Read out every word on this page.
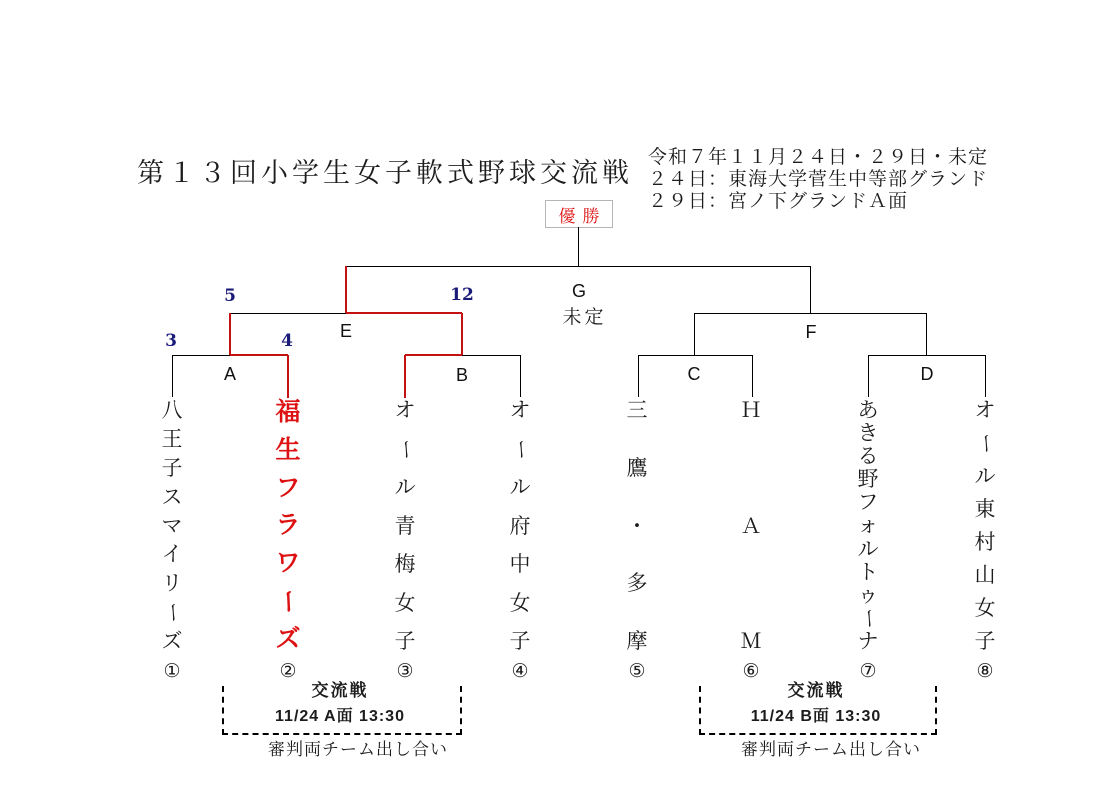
第１３回小学生女子軟式野球交流戦
令和７年１１月２４日・２９日・未定
２４日：東海大学菅生中等部グランド
２９日：宮ノ下グランドＡ面
優勝
G
未定
E	F
A	B	C	D
5	12
3	4
八
王
子
ス
マ
イ
リ
ー
ズ
①
福
生
フ
ラ
ワ
ー
ズ
②
オ
ー
ル
青
梅
女
子
③
オ
ー
ル
府
中
女
子
④
三
鷹
・
多
摩
⑤
Ｈ
Ａ
Ｍ
⑥
あ
き
る
野
フ
ォ
ル
ト
ゥ
ー
ナ
⑦
オ
ー
ル
東
村
山
女
子
⑧
交流戦
11/24 A面 13:30
審判両チーム出し合い
交流戦
11/24 B面 13:30
審判両チーム出し合い
